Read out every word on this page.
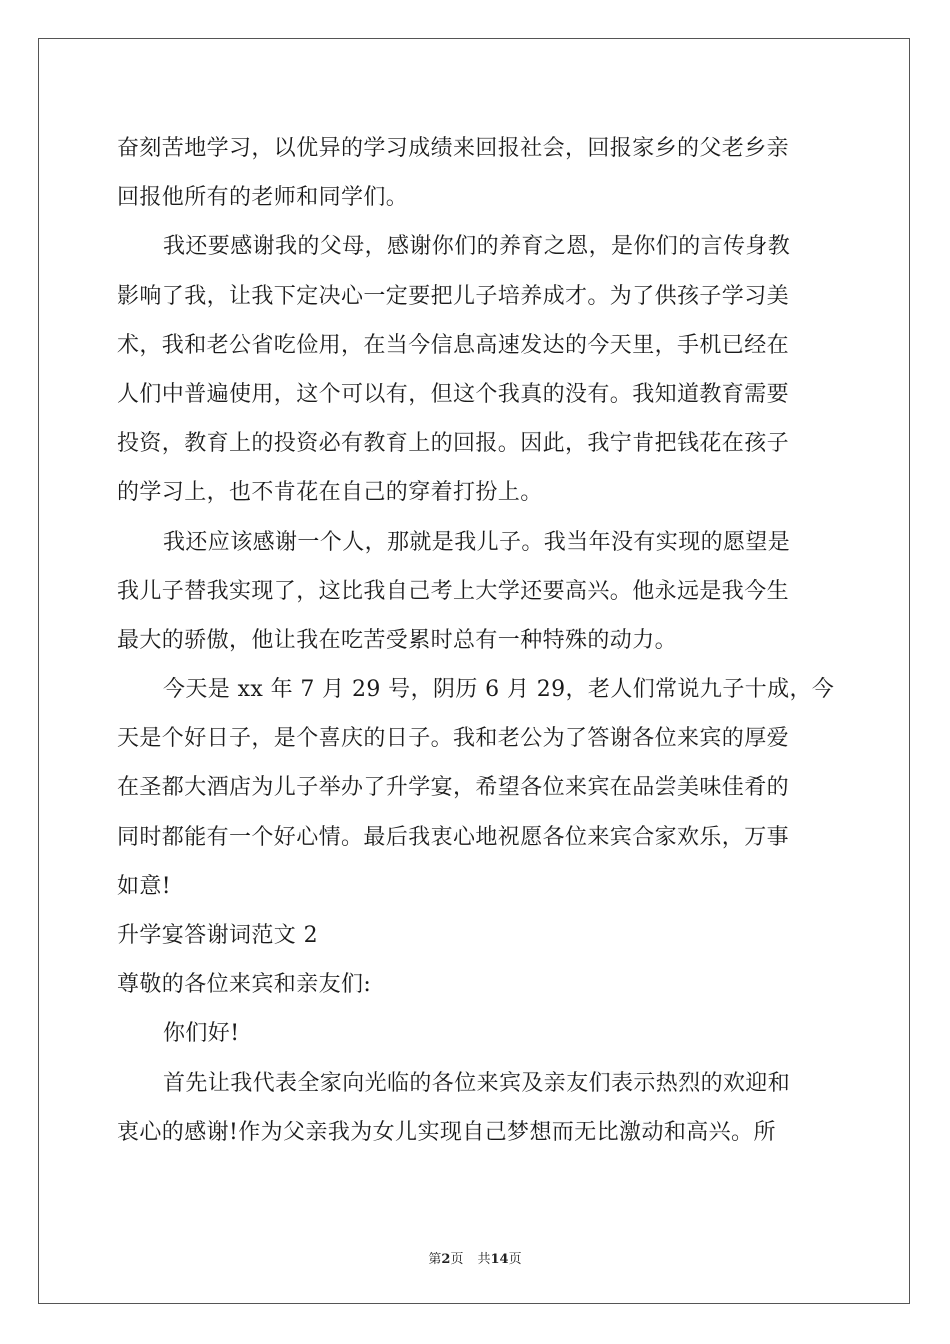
奋刻苦地学习，以优异的学习成绩来回报社会，回报家乡的父老乡亲
回报他所有的老师和同学们。
我还要感谢我的父母，感谢你们的养育之恩，是你们的言传身教
影响了我，让我下定决心一定要把儿子培养成才。为了供孩子学习美
术，我和老公省吃俭用，在当今信息高速发达的今天里，手机已经在
人们中普遍使用，这个可以有，但这个我真的没有。我知道教育需要
投资，教育上的投资必有教育上的回报。因此，我宁肯把钱花在孩子
的学习上，也不肯花在自己的穿着打扮上。
我还应该感谢一个人，那就是我儿子。我当年没有实现的愿望是
我儿子替我实现了，这比我自己考上大学还要高兴。他永远是我今生
最大的骄傲，他让我在吃苦受累时总有一种特殊的动力。
今天是 xx 年 7 月 29 号，阴历 6 月 29，老人们常说九子十成，今
天是个好日子，是个喜庆的日子。我和老公为了答谢各位来宾的厚爱
在圣都大酒店为儿子举办了升学宴，希望各位来宾在品尝美味佳肴的
同时都能有一个好心情。最后我衷心地祝愿各位来宾合家欢乐，万事
如意!
升学宴答谢词范文 2
尊敬的各位来宾和亲友们:
你们好!
首先让我代表全家向光临的各位来宾及亲友们表示热烈的欢迎和
衷心的感谢!作为父亲我为女儿实现自己梦想而无比激动和高兴。所
第2页 共14页
